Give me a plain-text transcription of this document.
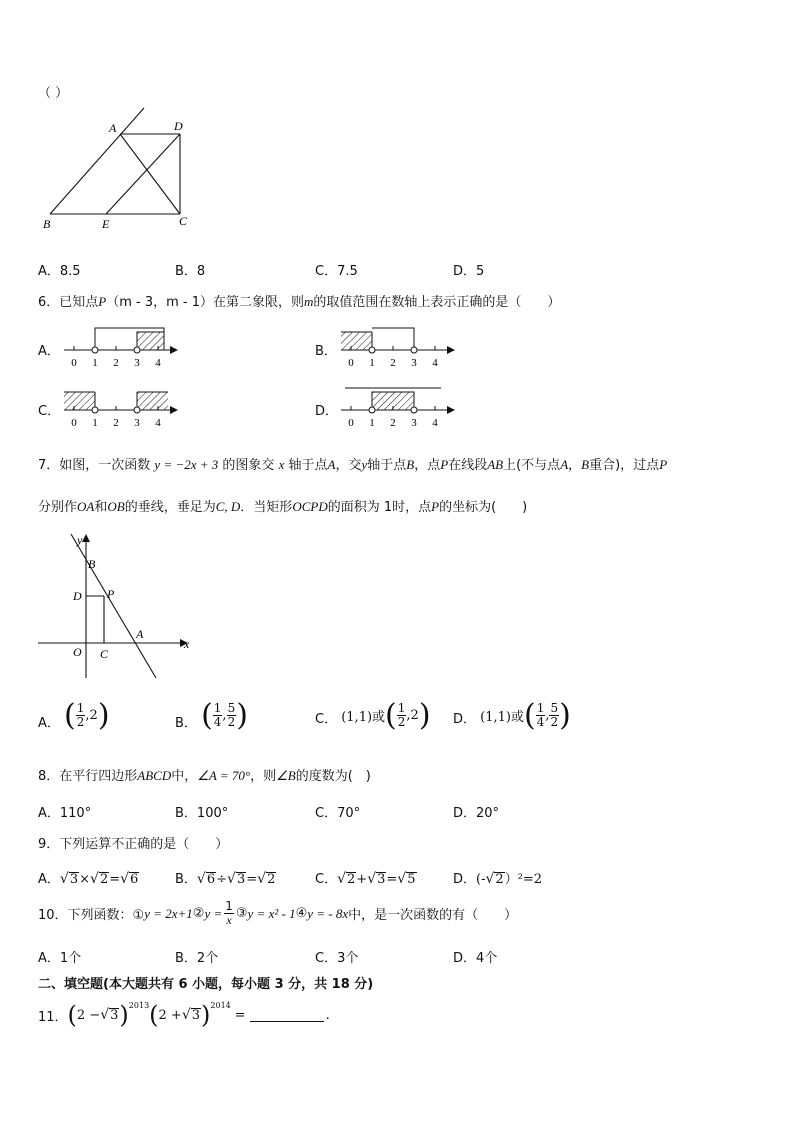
（ ）
A	D
B	E	C
A．8.5	B．8	C．7.5	D．5
6．已知点P（m - 3，m - 1）在第二象限，则m的取值范围在数轴上表示正确的是（　　）
A．
0 1 2 3 4
B．
0 1 2 3 4
C．
0 1 2 3 4
D．
0 1 2 3 4
7．如图，一次函数 y = −2x + 3 的图象交 x 轴于点A，交y轴于点B，点P在线段AB上(不与点A，B重合)，过点P
分别作OA和OB的垂线，垂足为C, D．当矩形OCPD的面积为 1时，点P的坐标为(　　)
y
B
D P
A
x
O C
A． ( $\frac{1}{2} ,2$ )	B． ( $\frac{1}{4}$ , $\frac{5}{2}$ )	C． (1,1)或 ( $\frac{1}{2} ,2$ ) D． (1,1)或 ( $\frac{1}{4}$ , $\frac{5}{2}$ )
8．在平行四边形ABCD中，∠A = 70°，则∠B的度数为(　)
A．110°	B．100°	C．70°	D．20°
9．下列运算不正确的是（　　）
A． √ 3 × √ 2 = √ 6	B． √ 6 ÷ √ 3 = √ 2	C． √ 2 + √ 3 = √ 5	D．(- √ 2 ）²=2
10．下列函数：① y = 2x+1 ② $y = \frac{1}{x}$ ③ y = x² - 1 ④ y = - 8x 中，是一次函数的有（　　）
A．1个	B．2个	C．3个	D．4个
二、填空题(本大题共有 6 小题，每小题 3 分，共 18 分)
11． ( 2 − √ 3 )$^{2013}$ ( 2 + √ 3 )$^{2014}$
=	.
